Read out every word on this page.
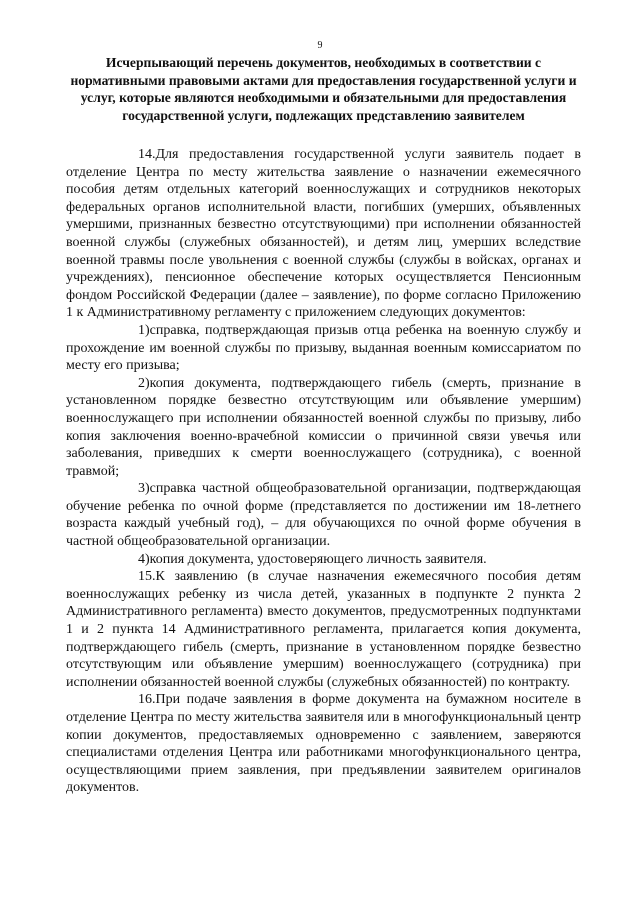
9
Исчерпывающий перечень документов, необходимых в соответствии с нормативными правовыми актами для предоставления государственной услуги и услуг, которые являются необходимыми и обязательными для предоставления государственной услуги, подлежащих представлению заявителем

14.Для предоставления государственной услуги заявитель подает в отделение Центра по месту жительства заявление о назначении ежемесячного пособия детям отдельных категорий военнослужащих и сотрудников некоторых федеральных органов исполнительной власти, погибших (умерших, объявленных умершими, признанных безвестно отсутствующими) при исполнении обязанностей военной службы (служебных обязанностей), и детям лиц, умерших вследствие военной травмы после увольнения с военной службы (службы в войсках, органах и учреждениях), пенсионное обеспечение которых осуществляется Пенсионным фондом Российской Федерации (далее – заявление), по форме согласно Приложению 1 к Административному регламенту с приложением следующих документов:

1)справка, подтверждающая призыв отца ребенка на военную службу и прохождение им военной службы по призыву, выданная военным комиссариатом по месту его призыва;

2)копия документа, подтверждающего гибель (смерть, признание в установленном порядке безвестно отсутствующим или объявление умершим) военнослужащего при исполнении обязанностей военной службы по призыву, либо копия заключения военно-врачебной комиссии о причинной связи увечья или заболевания, приведших к смерти военнослужащего (сотрудника), с военной травмой;

3)справка частной общеобразовательной организации, подтверждающая обучение ребенка по очной форме (представляется по достижении им 18-летнего возраста каждый учебный год), – для обучающихся по очной форме обучения в частной общеобразовательной организации.

4)копия документа, удостоверяющего личность заявителя.

15.К заявлению (в случае назначения ежемесячного пособия детям военнослужащих ребенку из числа детей, указанных в подпункте 2 пункта 2 Административного регламента) вместо документов, предусмотренных подпунктами 1 и 2 пункта 14 Административного регламента, прилагается копия документа, подтверждающего гибель (смерть, признание в установленном порядке безвестно отсутствующим или объявление умершим) военнослужащего (сотрудника) при исполнении обязанностей военной службы (служебных обязанностей) по контракту.

16.При подаче заявления в форме документа на бумажном носителе в отделение Центра по месту жительства заявителя или в многофункциональный центр копии документов, предоставляемых одновременно с заявлением, заверяются специалистами отделения Центра или работниками многофункционального центра, осуществляющими прием заявления, при предъявлении заявителем оригиналов документов.
